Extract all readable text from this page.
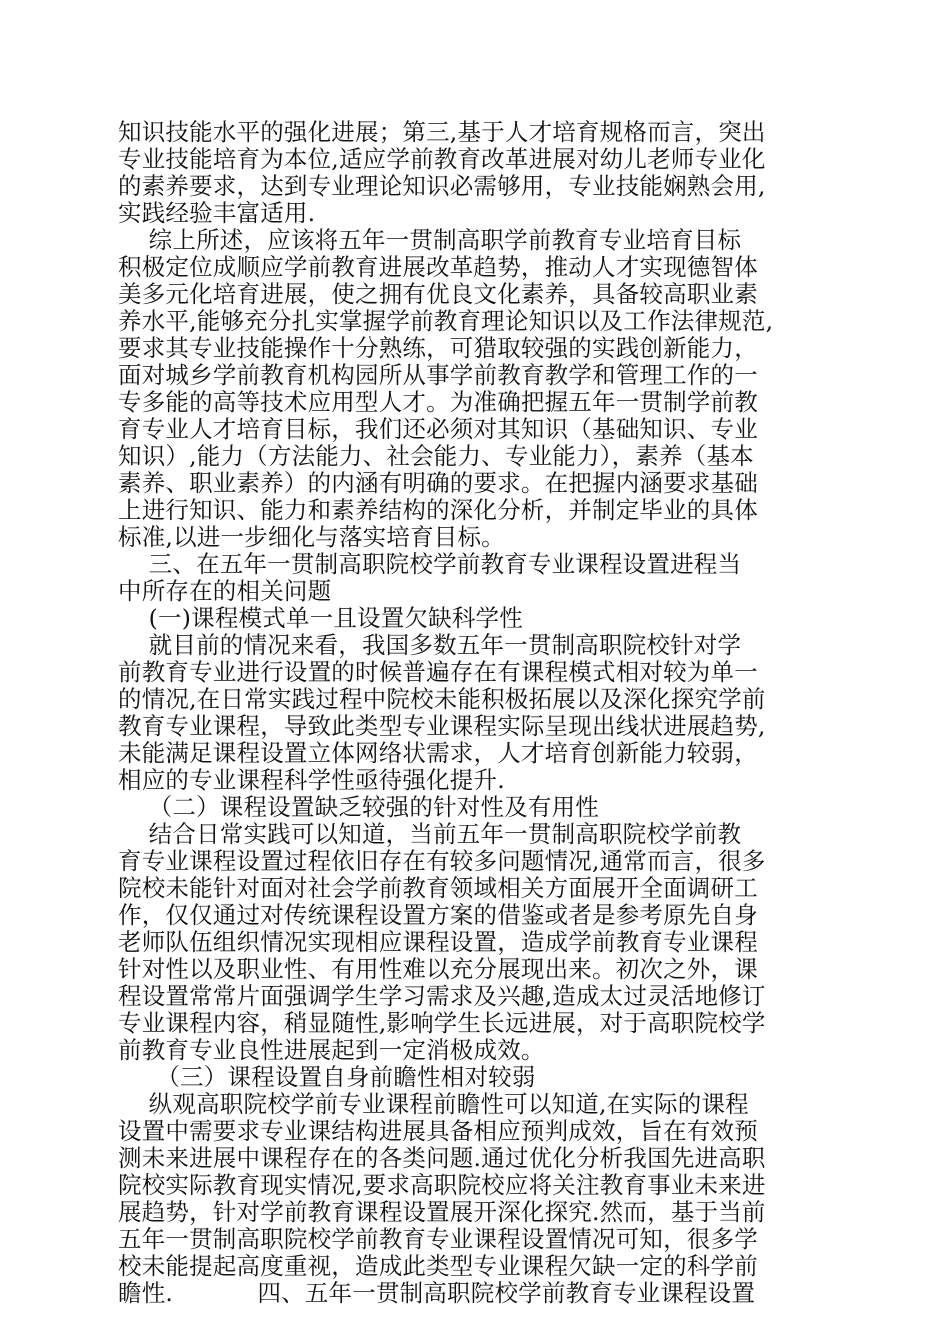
知识技能水平的强化进展；第三,基于人才培育规格而言，突出
专业技能培育为本位,适应学前教育改革进展对幼儿老师专业化
的素养要求，达到专业理论知识必需够用，专业技能娴熟会用,
实践经验丰富适用.
综上所述，应该将五年一贯制高职学前教育专业培育目标
积极定位成顺应学前教育进展改革趋势，推动人才实现德智体
美多元化培育进展，使之拥有优良文化素养，具备较高职业素
养水平,能够充分扎实掌握学前教育理论知识以及工作法律规范,
要求其专业技能操作十分熟练，可猎取较强的实践创新能力，
面对城乡学前教育机构园所从事学前教育教学和管理工作的一
专多能的高等技术应用型人才。为准确把握五年一贯制学前教
育专业人才培育目标，我们还必须对其知识（基础知识、专业
知识）,能力（方法能力、社会能力、专业能力），素养（基本
素养、职业素养）的内涵有明确的要求。在把握内涵要求基础
上进行知识、能力和素养结构的深化分析，并制定毕业的具体
标准,以进一步细化与落实培育目标。
三、在五年一贯制高职院校学前教育专业课程设置进程当
中所存在的相关问题
(一)课程模式单一且设置欠缺科学性
就目前的情况来看，我国多数五年一贯制高职院校针对学
前教育专业进行设置的时候普遍存在有课程模式相对较为单一
的情况,在日常实践过程中院校未能积极拓展以及深化探究学前
教育专业课程，导致此类型专业课程实际呈现出线状进展趋势,
未能满足课程设置立体网络状需求，人才培育创新能力较弱，
相应的专业课程科学性亟待强化提升.
（二）课程设置缺乏较强的针对性及有用性
结合日常实践可以知道，当前五年一贯制高职院校学前教
育专业课程设置过程依旧存在有较多问题情况,通常而言，很多
院校未能针对面对社会学前教育领域相关方面展开全面调研工
作，仅仅通过对传统课程设置方案的借鉴或者是参考原先自身
老师队伍组织情况实现相应课程设置，造成学前教育专业课程
针对性以及职业性、有用性难以充分展现出来。初次之外，课
程设置常常片面强调学生学习需求及兴趣,造成太过灵活地修订
专业课程内容，稍显随性,影响学生长远进展，对于高职院校学
前教育专业良性进展起到一定消极成效。
（三）课程设置自身前瞻性相对较弱
纵观高职院校学前专业课程前瞻性可以知道,在实际的课程
设置中需要求专业课结构进展具备相应预判成效，旨在有效预
测未来进展中课程存在的各类问题.通过优化分析我国先进高职
院校实际教育现实情况,要求高职院校应将关注教育事业未来进
展趋势，针对学前教育课程设置展开深化探究.然而，基于当前
五年一贯制高职院校学前教育专业课程设置情况可知，很多学
校未能提起高度重视，造成此类型专业课程欠缺一定的科学前
瞻性.           四、五年一贯制高职院校学前教育专业课程设置
